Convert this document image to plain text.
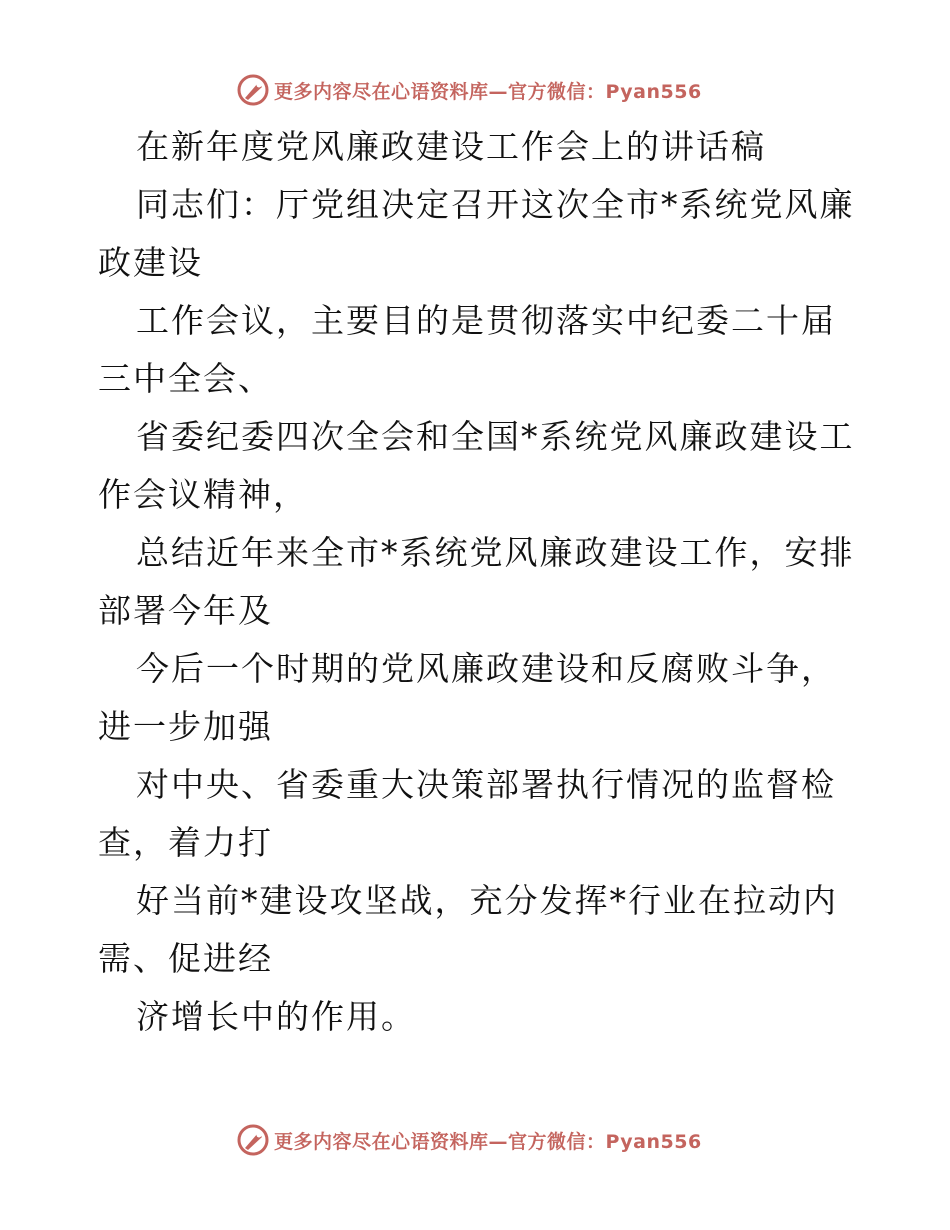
更多内容尽在心语资料库—官方微信：Pyan556

在新年度党风廉政建设工作会上的讲话稿

同志们：厅党组决定召开这次全市*系统党风廉政建设

工作会议，主要目的是贯彻落实中纪委二十届三中全会、

省委纪委四次全会和全国*系统党风廉政建设工作会议精神，

总结近年来全市*系统党风廉政建设工作，安排部署今年及

今后一个时期的党风廉政建设和反腐败斗争，进一步加强

对中央、省委重大决策部署执行情况的监督检查，着力打

好当前*建设攻坚战，充分发挥*行业在拉动内需、促进经

济增长中的作用。

更多内容尽在心语资料库—官方微信：Pyan556
